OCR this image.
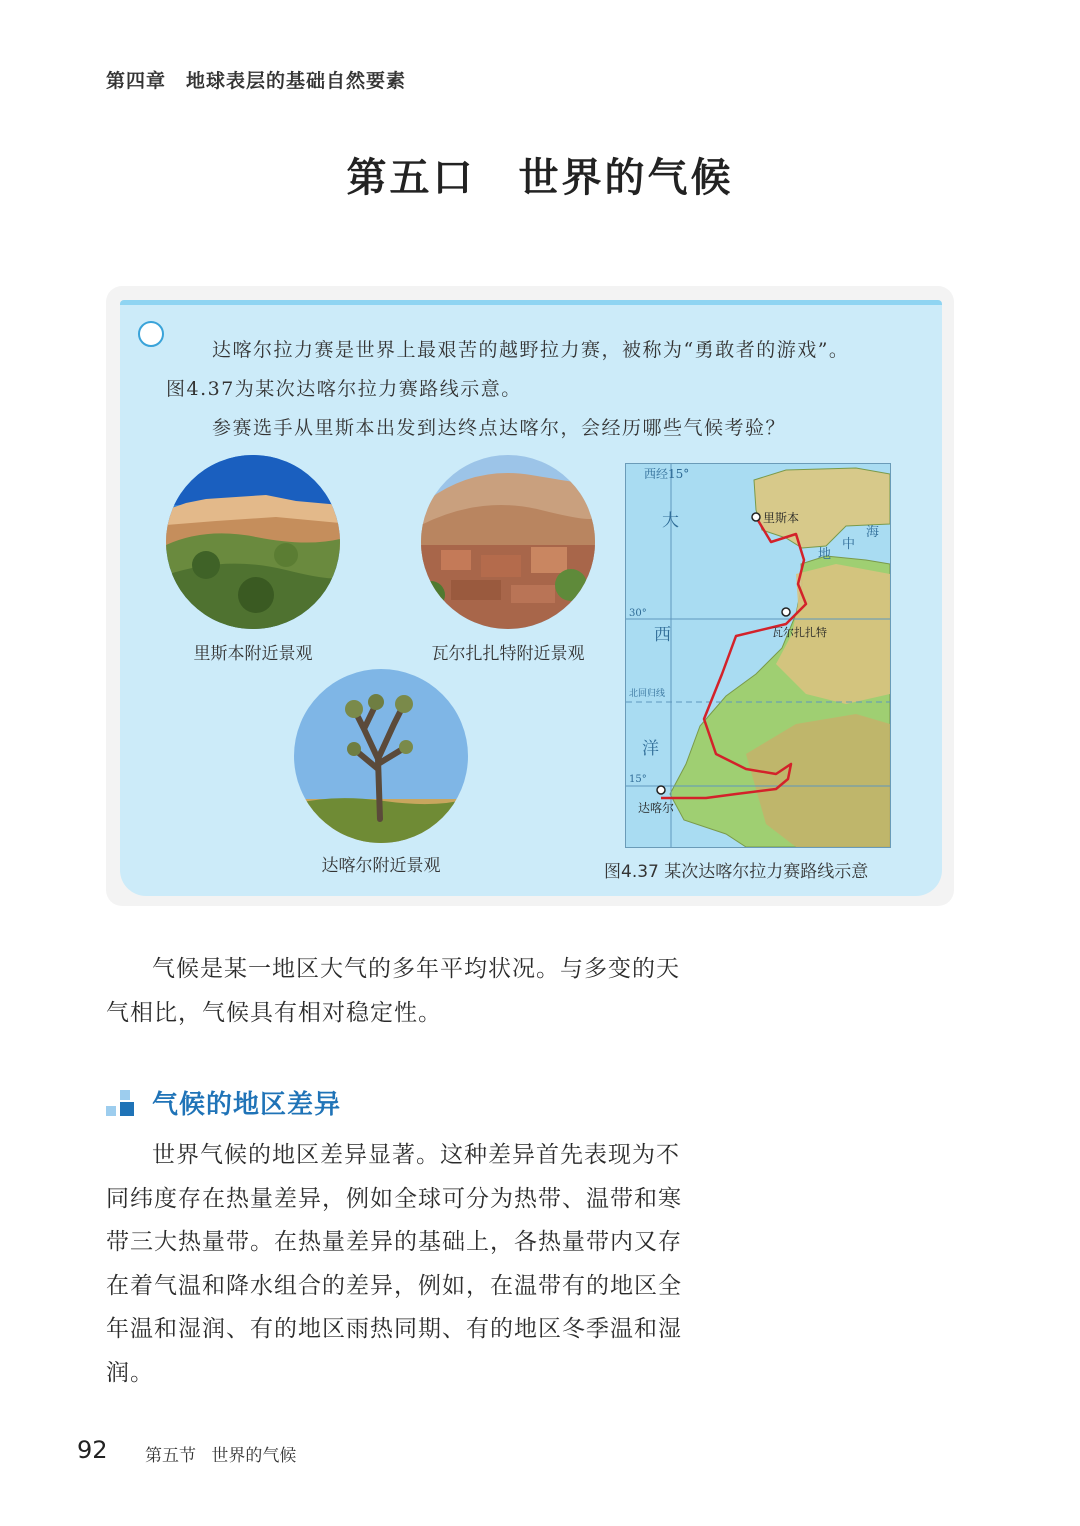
第四章　地球表层的基础自然要素
第五口　世界的气候
达喀尔拉力赛是世界上最艰苦的越野拉力赛，被称为“勇敢者的游戏”。
图4.37为某次达喀尔拉力赛路线示意。
参赛选手从里斯本出发到达终点达喀尔，会经历哪些气候考验？
里斯本附近景观	瓦尔扎扎特附近景观
达喀尔附近景观
西经15°
30°
北回归线
15°
大
西
洋
地
中
海
里斯本
瓦尔扎扎特
达喀尔
图4.37 某次达喀尔拉力赛路线示意

气候是某一地区大气的多年平均状况。与多变的天气相比，气候具有相对稳定性。

气候的地区差异

世界气候的地区差异显著。这种差异首先表现为不同纬度存在热量差异，例如全球可分为热带、温带和寒带三大热量带。在热量差异的基础上，各热量带内又存在着气温和降水组合的差异，例如，在温带有的地区全年温和湿润、有的地区雨热同期、有的地区冬季温和湿润。

92 第五节 世界的气候
